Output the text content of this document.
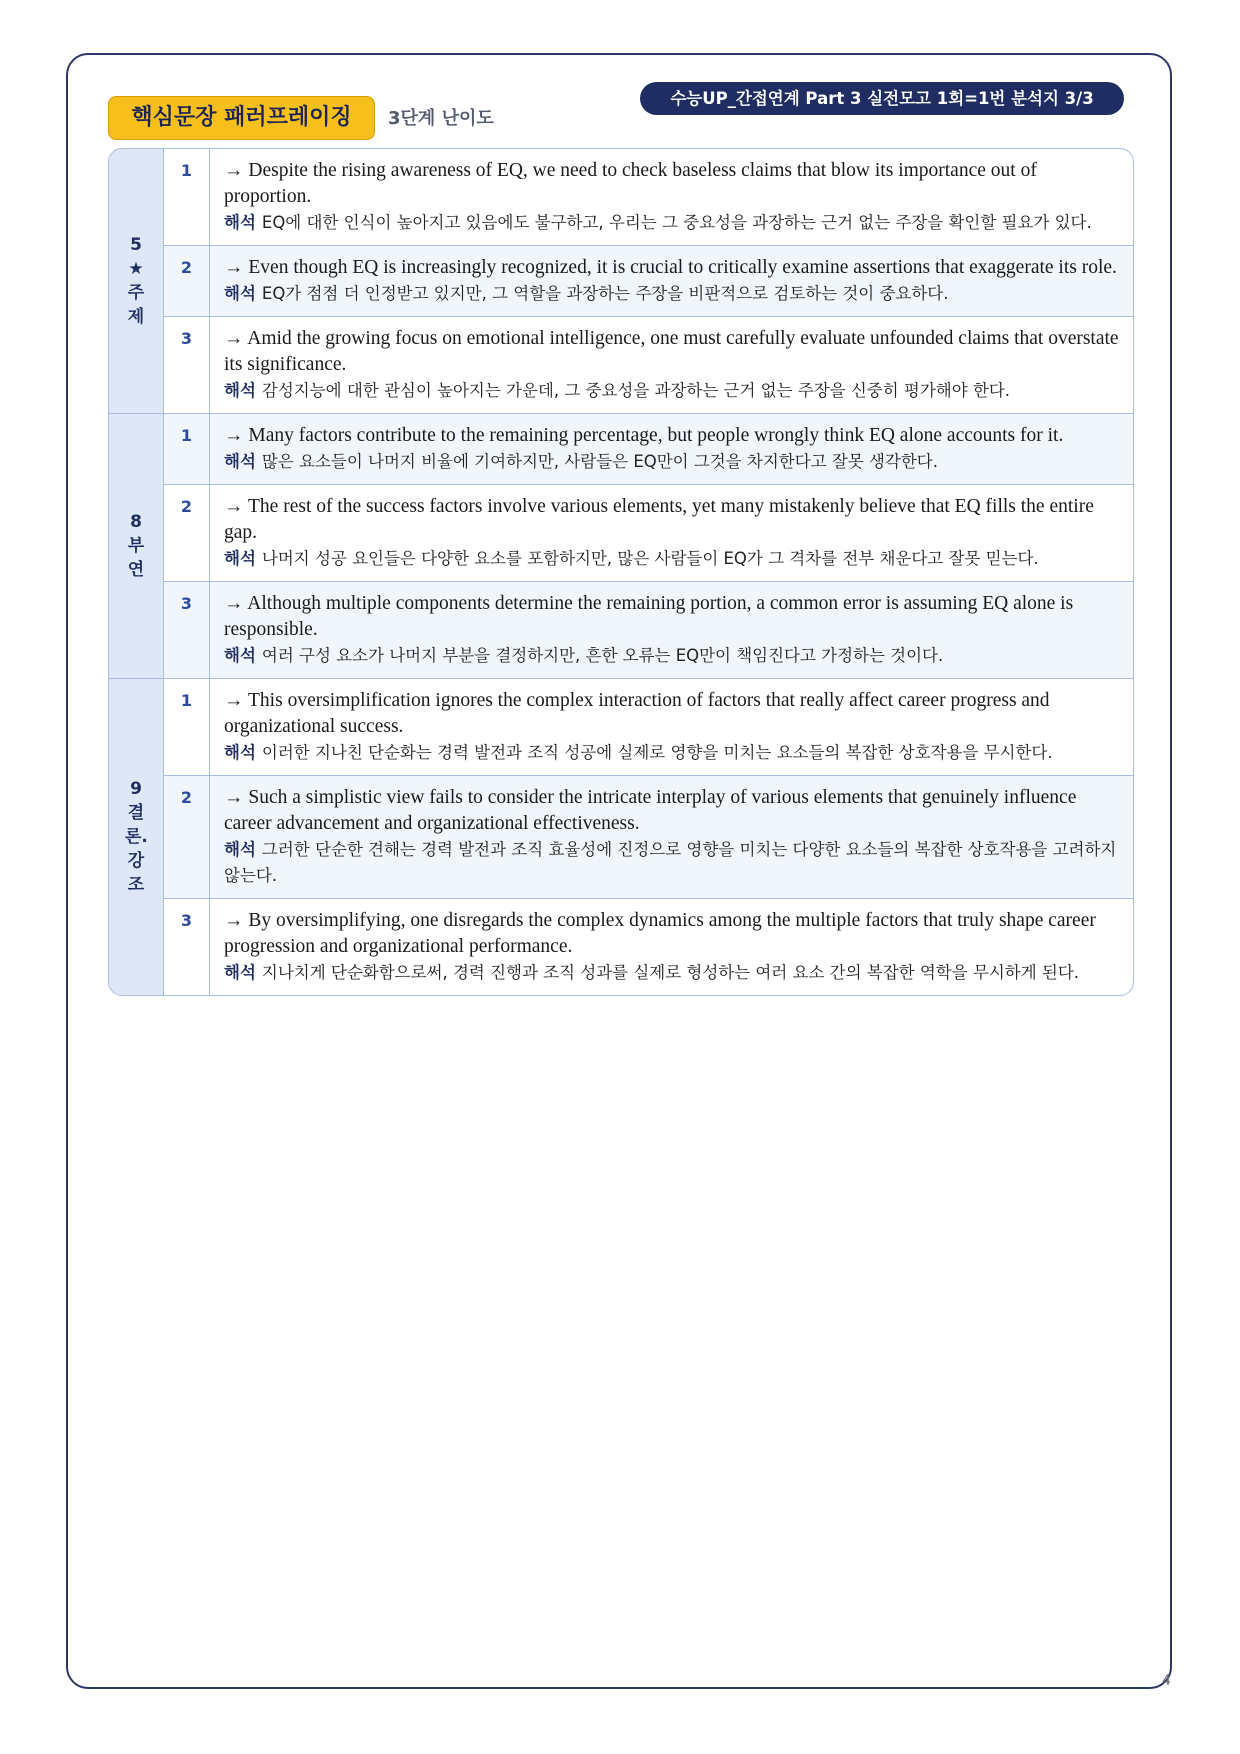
핵심문장 패러프레이징	3단계 난이도
수능UP_간접연계 Part 3 실전모고 1회=1번 분석지 3/3
5★주제
1	→ Despite the rising awareness of EQ, we need to check baseless claims that blow its importance out of proportion.
해석 EQ에 대한 인식이 높아지고 있음에도 불구하고, 우리는 그 중요성을 과장하는 근거 없는 주장을 확인할 필요가 있다.
2	→ Even though EQ is increasingly recognized, it is crucial to critically examine assertions that exaggerate its role.
해석 EQ가 점점 더 인정받고 있지만, 그 역할을 과장하는 주장을 비판적으로 검토하는 것이 중요하다.
3	→ Amid the growing focus on emotional intelligence, one must carefully evaluate unfounded claims that overstate its significance.
해석 감성지능에 대한 관심이 높아지는 가운데, 그 중요성을 과장하는 근거 없는 주장을 신중히 평가해야 한다.
8부연
1	→ Many factors contribute to the remaining percentage, but people wrongly think EQ alone accounts for it.
해석 많은 요소들이 나머지 비율에 기여하지만, 사람들은 EQ만이 그것을 차지한다고 잘못 생각한다.
2	→ The rest of the success factors involve various elements, yet many mistakenly believe that EQ fills the entire gap.
해석 나머지 성공 요인들은 다양한 요소를 포함하지만, 많은 사람들이 EQ가 그 격차를 전부 채운다고 잘못 믿는다.
3	→ Although multiple components determine the remaining portion, a common error is assuming EQ alone is responsible.
해석 여러 구성 요소가 나머지 부분을 결정하지만, 흔한 오류는 EQ만이 책임진다고 가정하는 것이다.
9결론.강조
1	→ This oversimplification ignores the complex interaction of factors that really affect career progress and organizational success.
해석 이러한 지나친 단순화는 경력 발전과 조직 성공에 실제로 영향을 미치는 요소들의 복잡한 상호작용을 무시한다.
2	→ Such a simplistic view fails to consider the intricate interplay of various elements that genuinely influence career advancement and organizational effectiveness.
해석 그러한 단순한 견해는 경력 발전과 조직 효율성에 진정으로 영향을 미치는 다양한 요소들의 복잡한 상호작용을 고려하지 않는다.
3	→ By oversimplifying, one disregards the complex dynamics among the multiple factors that truly shape career progression and organizational performance.
해석 지나치게 단순화함으로써, 경력 진행과 조직 성과를 실제로 형성하는 여러 요소 간의 복잡한 역학을 무시하게 된다.
4
